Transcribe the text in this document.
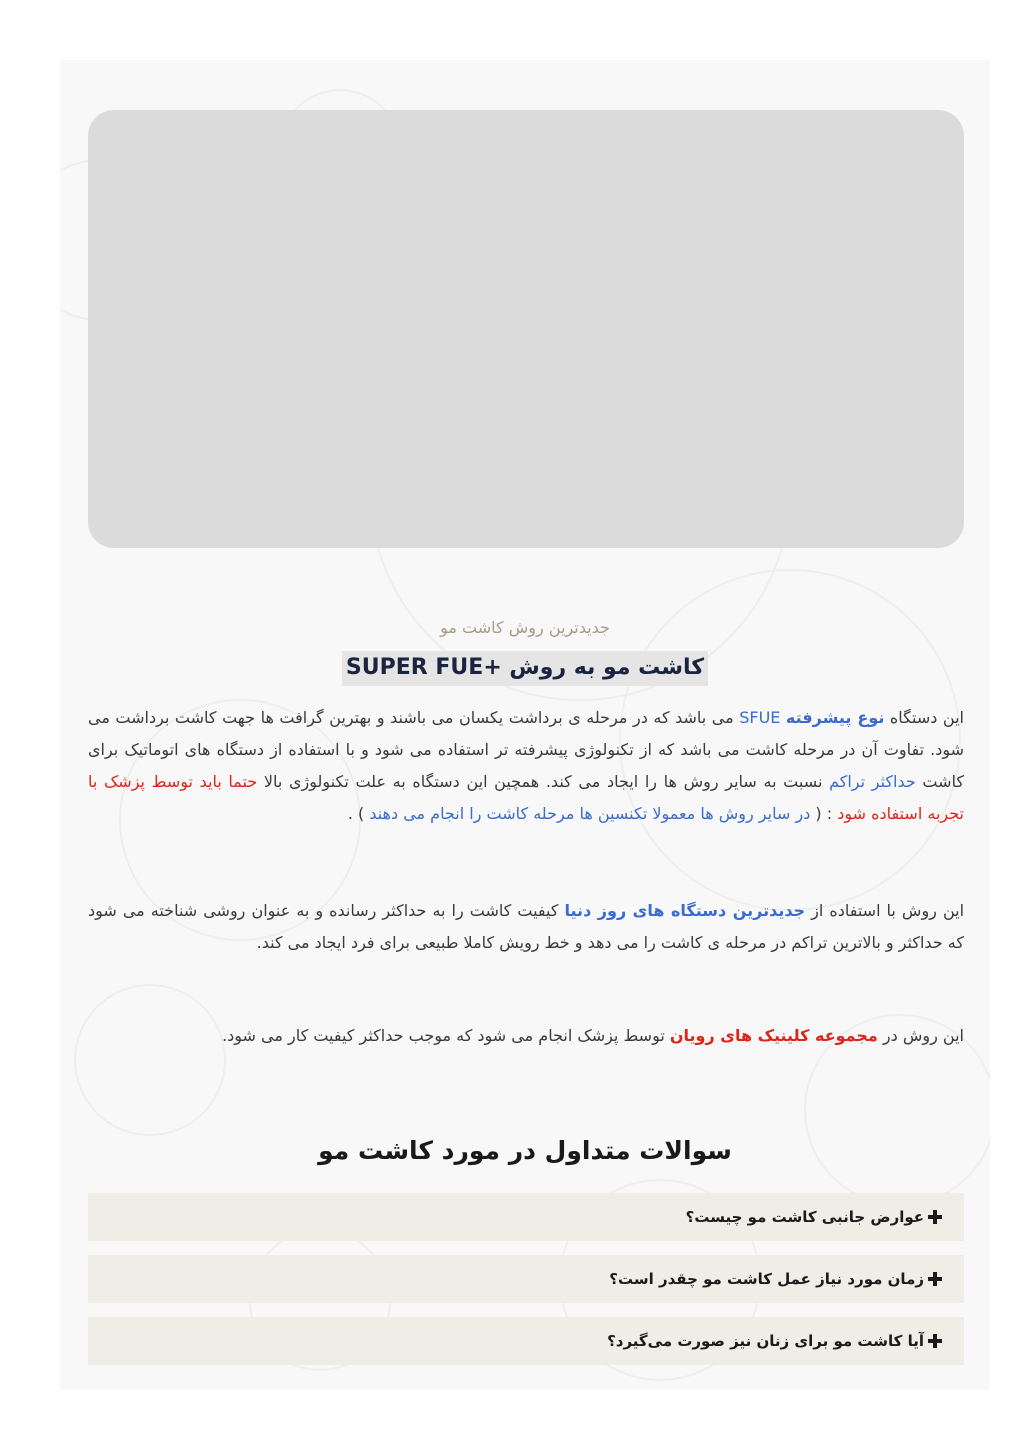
جدیدترین روش کاشت مو
کاشت مو به روش +SUPER FUE

این دستگاه نوع پیشرفته SFUE می باشد که در مرحله ی برداشت یکسان می باشند و بهترین گرافت ها جهت کاشت برداشت می شود. تفاوت آن در مرحله کاشت می باشد که از تکنولوژی پیشرفته تر استفاده می شود و با استفاده از دستگاه های اتوماتیک برای کاشت حداکثر تراکم نسبت به سایر روش ها را ایجاد می کند. همچین این دستگاه به علت تکنولوژی بالا حتما باید توسط پزشک با تجربه استفاده شود : ( در سایر روش ها معمولا تکنسین ها مرحله کاشت را انجام می دهند ) .

این روش با استفاده از جدیدترین دستگاه های روز دنیا کیفیت کاشت را به حداکثر رسانده و به عنوان روشی شناخته می شود که حداکثر و بالاترین تراکم در مرحله ی کاشت را می دهد و خط رویش کاملا طبیعی برای فرد ایجاد می کند.

این روش در مجموعه کلینیک های رویان توسط پزشک انجام می شود که موجب حداکثر کیفیت کار می شود.

سوالات متداول در مورد کاشت مو
عوارض جانبی کاشت مو چیست؟
زمان مورد نیاز عمل کاشت مو چقدر است؟
آیا کاشت مو برای زنان نیز صورت می‌گیرد؟
